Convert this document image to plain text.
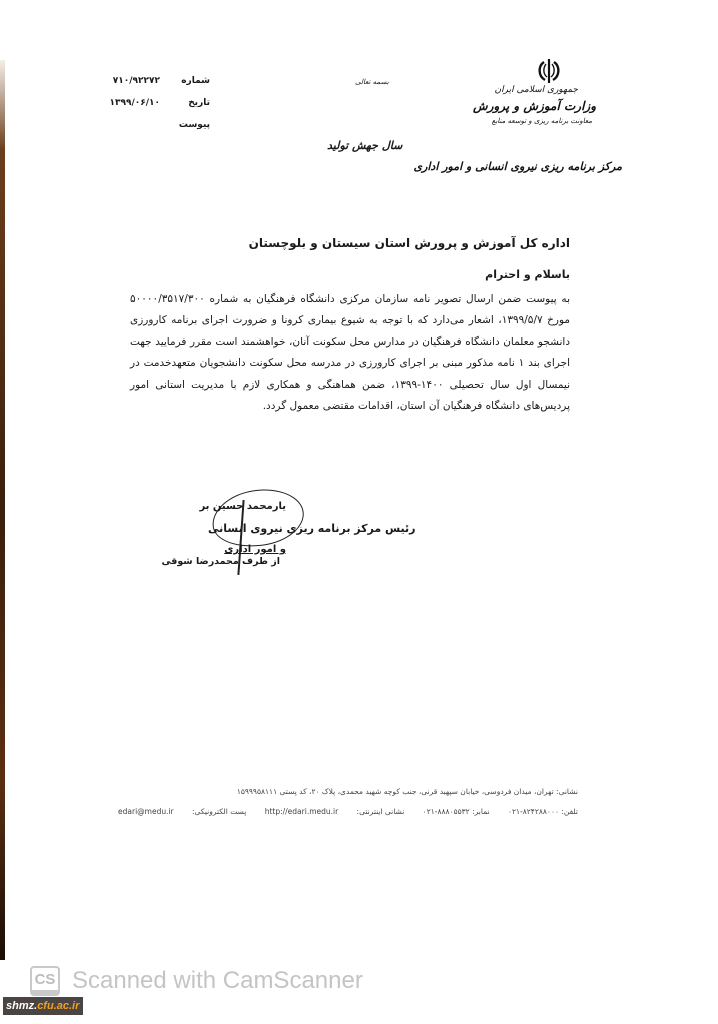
جمهوری اسلامی ایران
وزارت آموزش و پرورش
معاونت برنامه ریزی و توسعه منابع
مرکز برنامه ریزی نیروی انسانی و امور اداری
بسمه تعالی
سال جهش تولید
شماره
۷۱۰/۹۲۲۷۲
تاریخ
۱۳۹۹/۰۶/۱۰
پیوست
اداره کل آموزش و پرورش استان سیستان و بلوچستان
باسلام و احترام
به پیوست ضمن ارسال تصویر نامه سازمان مرکزی دانشگاه فرهنگیان به شماره ۵۰۰۰۰/۳۵۱۷/۳۰۰ مورخ ۱۳۹۹/۵/۷، اشعار می‌دارد که با توجه به شیوع بیماری کرونا و ضرورت اجرای برنامه کارورزی دانشجو معلمان دانشگاه فرهنگیان در مدارس محل سکونت آنان، خواهشمند است مقرر فرمایید جهت اجرای بند ۱ نامه مذکور مبنی بر اجرای کارورزی در مدرسه محل سکونت دانشجویان متعهدخدمت در نیمسال اول سال تحصیلی ۱۴۰۰-۱۳۹۹، ضمن هماهنگی و همکاری لازم با مدیریت استانی امور پردیس‌های دانشگاه فرهنگیان آن استان، اقدامات مقتضی معمول گردد.
یارمحمد حسین بر
رئیس مرکز برنامه ریزی نیروی انسانی
و امور اداری
از طرف محمدرضا شوقی
نشانی: تهران، میدان فردوسی، خیابان سپهبد قرنی، جنب کوچه شهید محمدی، پلاک ۲۰، کد پستی ۱۵۹۹۹۵۸۱۱۱
تلفن: ۸۲۴۲۸۸۰۰۰-۰۲۱
نمابر: ۸۸۸۰۵۵۳۲-۰۲۱
نشانی اینترنتی:
http://edari.medu.ir
پست الکترونیکی:
edari@medu.ir
CS Scanned with CamScanner
shmz. cfu.ac.ir
